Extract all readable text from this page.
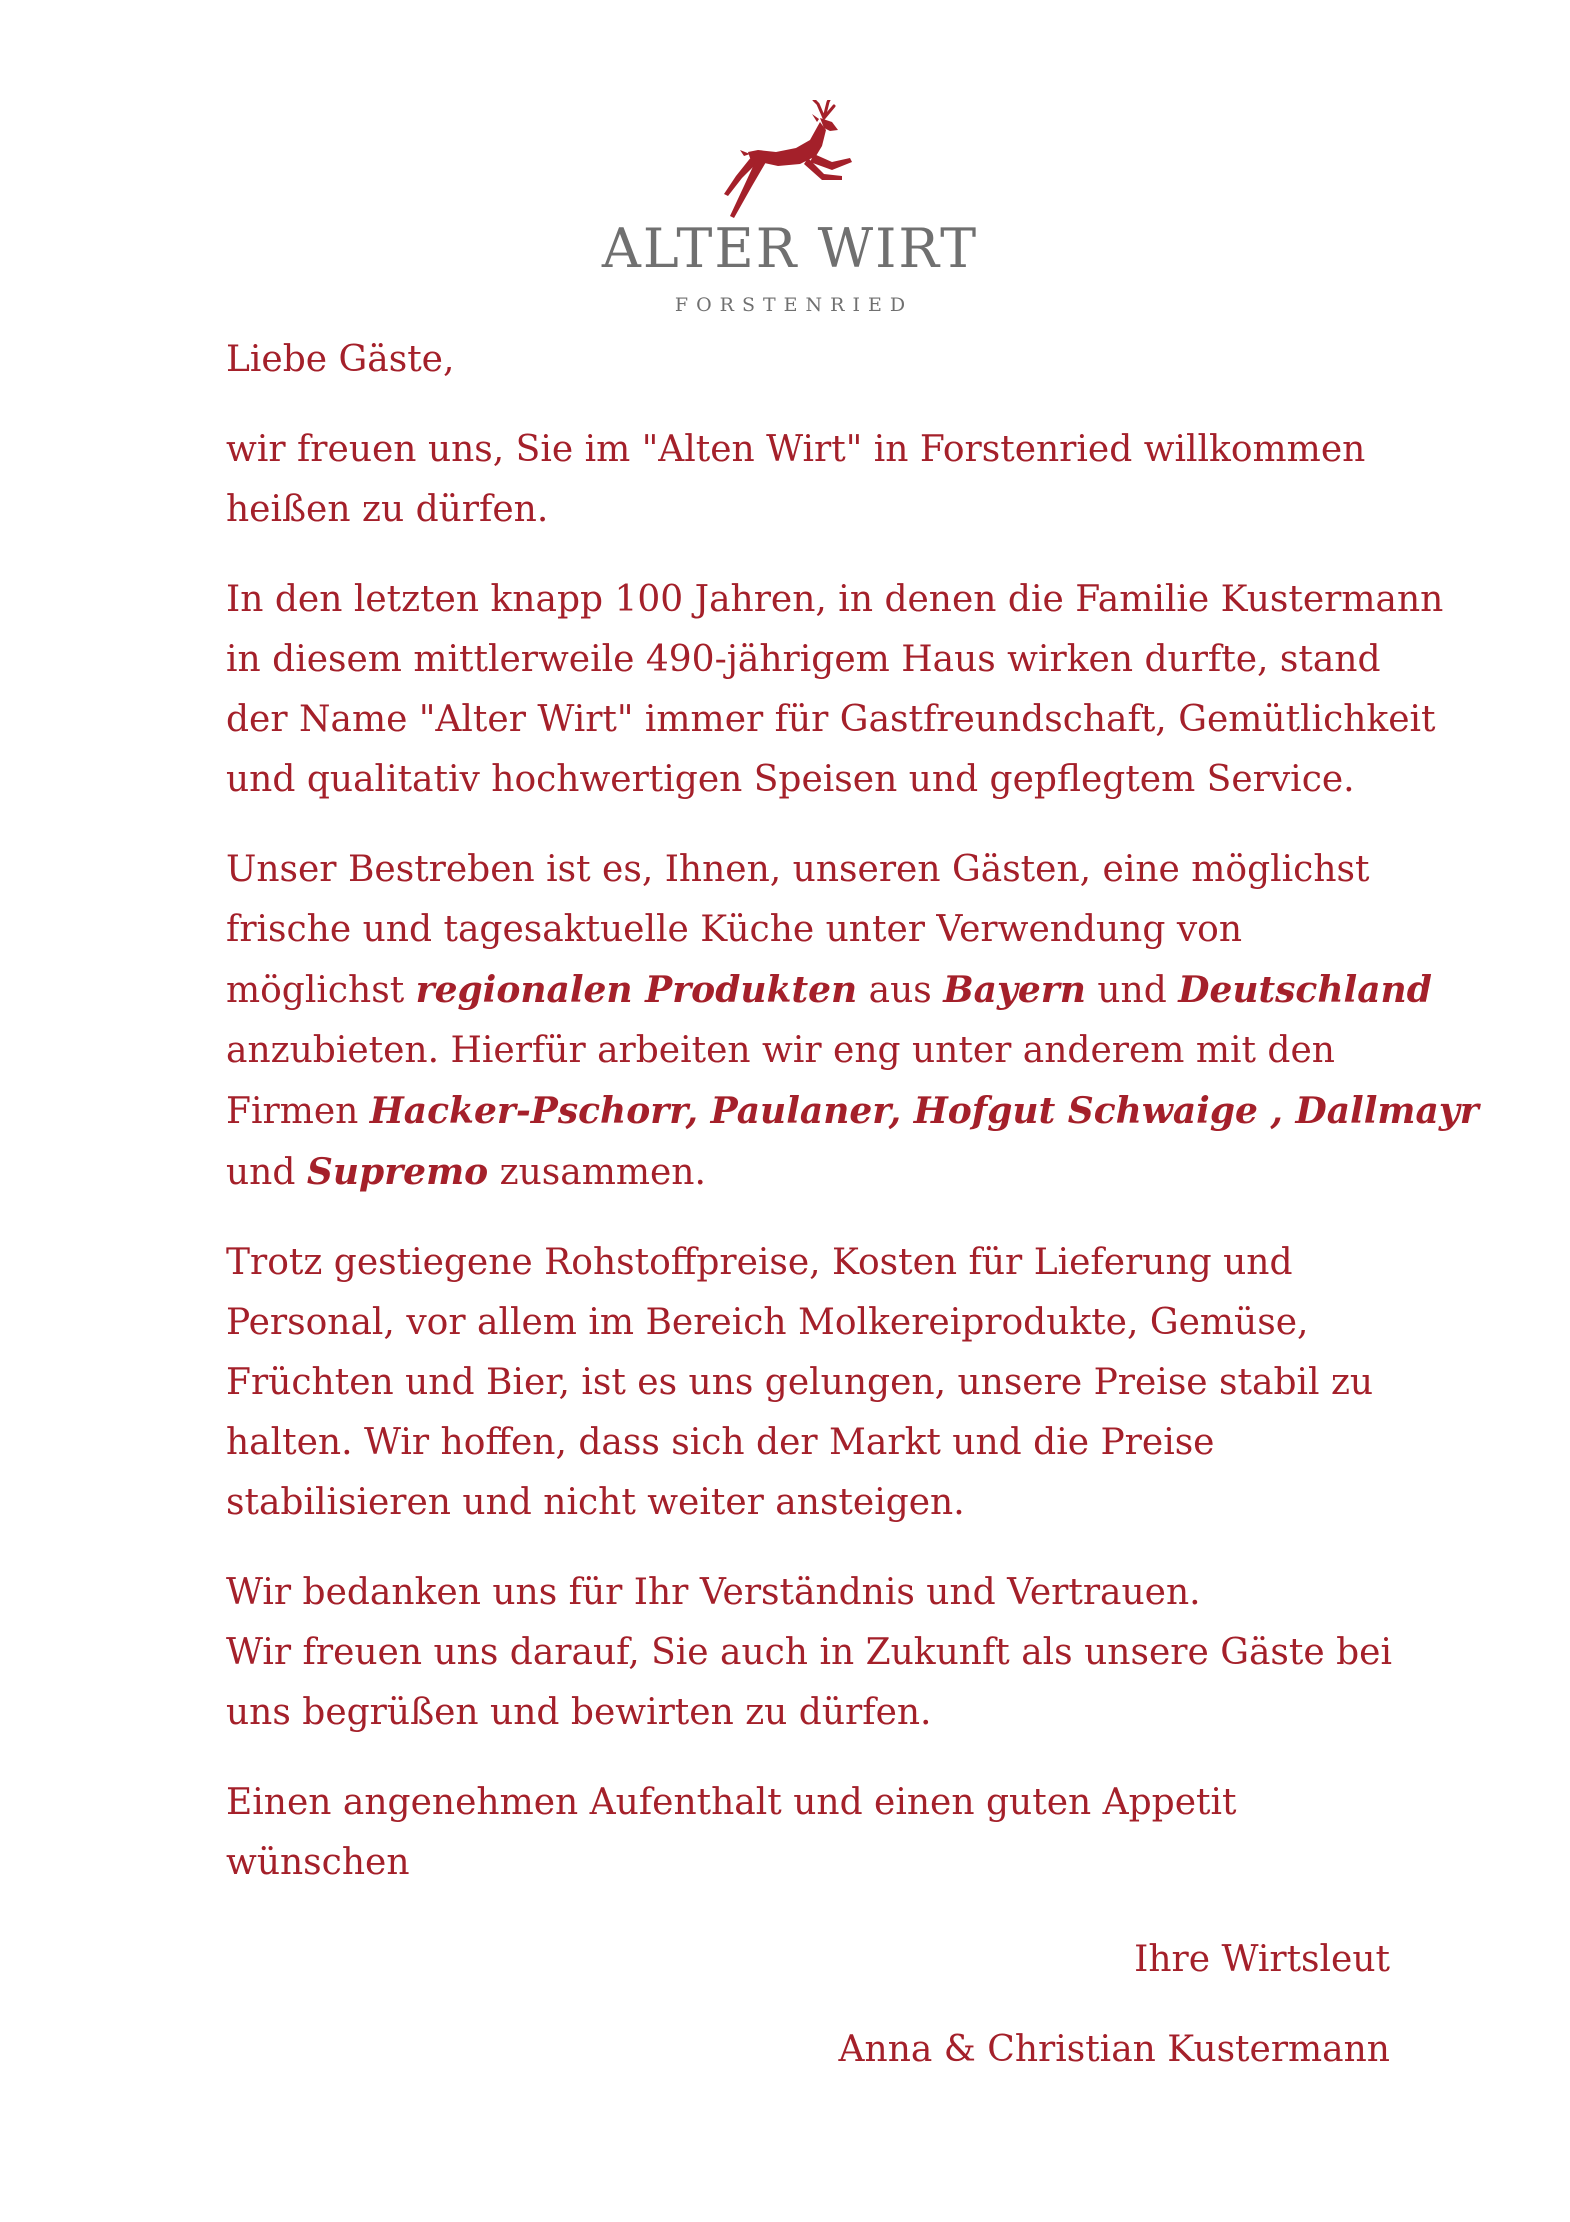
ALTER WIRT
FORSTENRIED

Liebe Gäste,

wir freuen uns, Sie im "Alten Wirt" in Forstenried willkommen
heißen zu dürfen.

In den letzten knapp 100 Jahren, in denen die Familie Kustermann
in diesem mittlerweile 490-jährigem Haus wirken durfte, stand
der Name "Alter Wirt" immer für Gastfreundschaft, Gemütlichkeit
und qualitativ hochwertigen Speisen und gepflegtem Service.

Unser Bestreben ist es, Ihnen, unseren Gästen, eine möglichst
frische und tagesaktuelle Küche unter Verwendung von
möglichst regionalen Produkten aus Bayern und Deutschland
anzubieten. Hierfür arbeiten wir eng unter anderem mit den
Firmen Hacker-Pschorr, Paulaner, Hofgut Schwaige , Dallmayr
und Supremo zusammen.

Trotz gestiegene Rohstoffpreise, Kosten für Lieferung und
Personal, vor allem im Bereich Molkereiprodukte, Gemüse,
Früchten und Bier, ist es uns gelungen, unsere Preise stabil zu
halten. Wir hoffen, dass sich der Markt und die Preise
stabilisieren und nicht weiter ansteigen.

Wir bedanken uns für Ihr Verständnis und Vertrauen.
Wir freuen uns darauf, Sie auch in Zukunft als unsere Gäste bei
uns begrüßen und bewirten zu dürfen.

Einen angenehmen Aufenthalt und einen guten Appetit
wünschen

Ihre Wirtsleut
Anna & Christian Kustermann
